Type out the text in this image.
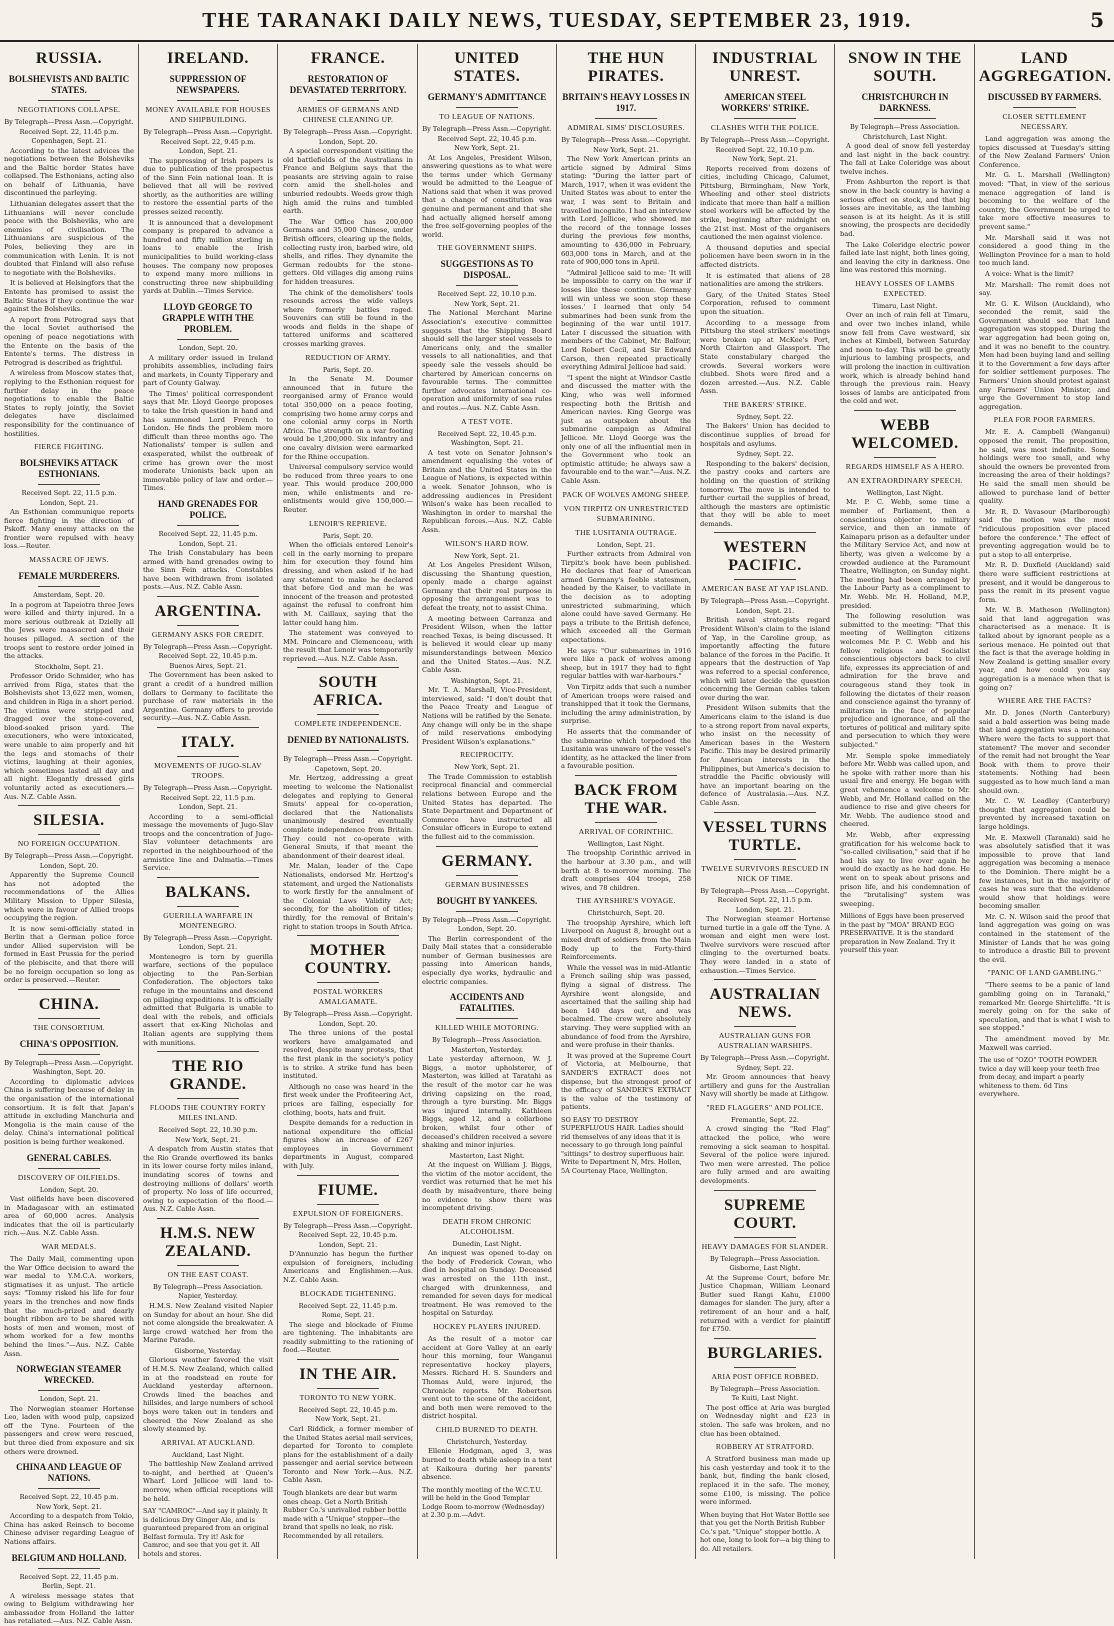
THE TARANAKI DAILY NEWS, TUESDAY, SEPTEMBER 23, 1919.	5
RUSSIA.
BOLSHEVISTS AND BALTIC STATES.
NEGOTIATIONS COLLAPSE.
By Telegraph—Press Assn.—Copyright.
Received Sept. 22, 11.45 p.m.
Copenhagen, Sept. 21.

According to the latest advices the negotiations between the Bolsheviks and the Baltic border States have collapsed. The Esthonians, acting also on behalf of Lithuania, have discontinued the parleying.

Lithuanian delegates assert that the Lithuanians will never conclude peace with the Bolsheviks, who are enemies of civilisation. The Lithuanians are suspicious of the Poles, believing they are in communication with Lenin. It is not doubted that Finland will also refuse to negotiate with the Bolsheviks.

It is believed at Helsingfors that the Entente has promised to assist the Baltic States if they continue the war against the Bolsheviks.

A report from Petrograd says that the local Soviet authorised the opening of peace negotiations with the Entente on the basis of the Entente's terms. The distress in Petrograd is described as frightful.

A wireless from Moscow states that, replying to the Esthonian request for further delay in the peace negotiations to enable the Baltic States to reply jointly, the Soviet delegates have disclaimed responsibility for the continuance of hostilities.

FIERCE FIGHTING.
BOLSHEVIKS ATTACK ESTHONIANS.
Received Sept. 22, 11.5 p.m.
London, Sept. 21.

An Esthonian communique reports fierce fighting in the direction of Pskoff. Many enemy attacks on the frontier were repulsed with heavy loss.—Reuter.

MASSACRE OF JEWS.
FEMALE MURDERERS.
Amsterdam, Sept. 20.

In a pogrom at Tapeiotra three Jews were killed and thirty injured. In a more serious outbreak at Dzielly all the Jews were massacred and their houses pillaged. A section of the troops sent to restore order joined in the attacks.

Stockholm, Sept. 21.

Professor Orido Schmider, who has arrived from Riga, states that the Bolshevists shot 13,622 men, women, and children in Riga in a short period. The victims were stripped and dragged over the stone-covered, blood-soaked prison yard. The executioners, who were intoxicated, were unable to aim properly and hit the legs and stomachs of their victims, laughing at their agonies, which sometimes lasted all day and all night. Elegantly dressed girls voluntarily acted as executioners.—Aus. N.Z. Cable Assn.

SILESIA.
NO FOREIGN OCCUPATION.
By Telegraph—Press Assn.—Copyright.
London, Sept. 20.

Apparently the Supreme Council has not adopted the recommendations of the Allies Military Mission to Upper Silesia, which were in favour of Allied troops occupying the region.

It is now semi-officially stated in Berlin that a German police force under Allied supervision will be formed in East Prussia for the period of the plebiscite, and that there will be no foreign occupation so long as order is preserved.—Reuter.

CHINA.
THE CONSORTIUM.
CHINA'S OPPOSITION.
By Telegraph—Press Assn.—Copyright.
Washington, Sept. 20.

According to diplomatic advices China is suffering because of delay in the organisation of the international consortium. It is felt that Japan's attitude in excluding Manchuria and Mongolia is the main cause of the delay. China's international political position is being further weakened.

GENERAL CABLES.
DISCOVERY OF OILFIELDS.
London, Sept. 20.

Vast oilfields have been discovered in Madagascar with an estimated area of 60,000 acres. Analysis indicates that the oil is particularly rich.—Aus. N.Z. Cable Assn.

WAR MEDALS.

The Daily Mail, commenting upon the War Office decision to award the war medal to Y.M.C.A. workers, stigmatises it as unjust. The article says: "Tommy risked his life for four years in the trenches and now finds that the much-prized and dearly bought ribbon are to be shared with hosts of men and women, most of whom worked for a few months behind the lines."—Aus. N.Z. Cable Assn.

NORWEGIAN STEAMER WRECKED.
London, Sept. 21.

The Norwegian steamer Hortense Leo, laden with wood pulp, capsized off the Tyne. Fourteen of the passengers and crew were rescued, but three died from exposure and six others were drowned.

CHINA AND LEAGUE OF NATIONS.
Received Sept. 22, 10.45 p.m.
New York, Sept. 21.

According to a despatch from Tokio, China has asked Reinsch to become Chinese adviser regarding League of Nations affairs.

BELGIUM AND HOLLAND.
Received Sept. 22, 11.45 p.m.
Berlin, Sept. 21.

A wireless message states that owing to Belgium withdrawing her ambassador from Holland the latter has retaliated.—Aus. N.Z. Cable Assn.

IRELAND.
SUPPRESSION OF NEWSPAPERS.
MONEY AVAILABLE FOR HOUSES AND SHIPBUILDING.
By Telegraph—Press Assn.—Copyright.
Received Sept. 22, 9.45 p.m.
London, Sept. 21.

The suppressing of Irish papers is due to publication of the prospectus of the Sinn Fein national loan. It is believed that all will be revived shortly, as the authorities are willing to restore the essential parts of the presses seized recently.

It is announced that a development company is prepared to advance a hundred and fifty million sterling in loans to enable the Irish municipalities to build working-class houses. The company now proposes to expend many more millions in constructing three new shipbuilding yards at Dublin.—Times Service.

LLOYD GEORGE TO GRAPPLE WITH THE PROBLEM.
London, Sept. 20.

A military order issued in Ireland prohibits assemblies, including fairs and markets, in County Tipperary and part of County Galway.

The Times' political correspondent says that Mr. Lloyd George proposes to take the Irish question in hand and has summoned Lord French to London. He finds the problem more difficult than three months ago. The Nationalists' temper is sullen and exasperated, whilst the outbreak of crime has grown over the most moderate Unionists back upon an immovable policy of law and order.—Times.

HAND GRENADES FOR POLICE.
Received Sept. 22, 11.45 p.m.
London, Sept. 21.

The Irish Constabulary has been armed with hand grenades owing to the Sinn Fein attacks. Constables have been withdrawn from isolated posts.—Aus. N.Z. Cable Assn.

ARGENTINA.
GERMANY ASKS FOR CREDIT.
By Telegraph—Press Assn.—Copyright.
Received Sept. 22, 10.45 p.m.
Buenos Aires, Sept. 21.

The Government has been asked to grant a credit of a hundred million dollars to Germany to facilitate the purchase of raw materials in the Argentine. Germany offers to provide security.—Aus. N.Z. Cable Assn.

ITALY.
MOVEMENTS OF JUGO-SLAV TROOPS.
By Telegraph—Press Assn.—Copyright.
Received Sept. 22, 11.5 p.m.
London, Sept. 21.

According to a semi-official message the movements of Jugo-Slav troops and the concentration of Jugo-Slav volunteer detachments are reported in the neighbourhood of the armistice line and Dalmatia.—Times Service.

BALKANS.
GUERILLA WARFARE IN MONTENEGRO.
By Telegraph—Press Assn.—Copyright.
London, Sept. 21.

Montenegro is torn by guerilla warfare, sections of the populace objecting to the Pan-Serbian Confederation. The objectors take refuge in the mountains and descend on pillaging expeditions. It is officially admitted that Bulgaria is unable to deal with the rebels, and officials assert that ex-King Nicholas and Italian agents are supplying them with munitions.

THE RIO GRANDE.
FLOODS THE COUNTRY FORTY MILES INLAND.
Received Sept. 22, 10.30 p.m.
New York, Sept. 21.

A despatch from Austin states that the Rio Grande overflowed its banks in its lower course forty miles inland, inundating scores of towns and destroying millions of dollars' worth of property. No loss of life occurred, owing to expectation of the flood.—Aus. N.Z. Cable Assn.

H.M.S. NEW ZEALAND.
ON THE EAST COAST.
By Telegraph—Press Association.
Napier, Yesterday.

H.M.S. New Zealand visited Napier on Sunday for about an hour. She did not come alongside the breakwater. A large crowd watched her from the Marine Parade.

Gisborne, Yesterday.

Glorious weather favored the visit of H.M.S. New Zealand, which called in at the roadstead en route for Auckland yesterday afternoon. Crowds lined the beaches and hillsides, and large numbers of school boys were taken out in tenders and cheered the New Zealand as she slowly steamed by.

ARRIVAL AT AUCKLAND.
Auckland, Last Night.

The battleship New Zealand arrived to-night, and berthed at Queen's Wharf. Lord Jellicoe will land to-morrow, when official receptions will be held.

SAY "CAMROC"—And say it plainly. It is delicious Dry Ginger Ale, and is guaranteed prepared from an original Belfast formula. Try it! Ask for Camroc, and see that you get it. All hotels and stores.
FRANCE.
RESTORATION OF DEVASTATED TERRITORY.
ARMIES OF GERMANS AND CHINESE CLEANING UP.
By Telegraph—Press Assn.—Copyright.
London, Sept. 20.

A special correspondent visiting the old battlefields of the Australians in France and Belgium says that the peasants are striving again to raise corn amid the shell-holes and unburied redoubts. Weeds grow thigh high amid the ruins and tumbled earth.

The War Office has 200,000 Germans and 35,000 Chinese, under British officers, clearing up the fields, collecting rusty iron, barbed wire, old shells, and rifles. They dynamite the German redoubts for the stone-getters. Old villages dig among ruins for hidden treasures.

The chink of the demolishers' tools resounds across the wide valleys where formerly battles raged. Souvenirs can still be found in the woods and fields in the shape of tattered uniforms and scattered crosses marking graves.

REDUCTION OF ARMY.
Paris, Sept. 20.

In the Senate M. Doumer announced that in future the reorganised army of France would total 350,000 on a peace footing, comprising two home army corps and one colonial army corps in North Africa. The strength on a war footing would be 1,200,000. Six infantry and one cavalry division were earmarked for the Rhine occupation.

Universal compulsory service would be reduced from three years to one year. This would produce 200,000 men, while enlistments and re-enlistments would give 150,000.—Reuter.

LENOIR'S REPRIEVE.
Paris, Sept. 20.

When the officials entered Lenoir's cell in the early morning to prepare him for execution they found him dressing, and when asked if he had any statement to make he declared that before God and man he was innocent of the treason and protested against the refusal to confront him with M. Caillaux, saying that the latter could hang him.

The statement was conveyed to MM. Poincare and Clemenceau, with the result that Lenoir was temporarily reprieved.—Aus. N.Z. Cable Assn.

SOUTH AFRICA.
COMPLETE INDEPENDENCE.
DENIED BY NATIONALISTS.
By Telegraph—Press Assn.—Copyright.
Capetown, Sept. 20.

Mr. Hertzog, addressing a great meeting to welcome the Nationalist delegates and replying to General Smuts' appeal for co-operation, declared that the Nationalists unanimously desired eventually complete independence from Britain. They could not co-operate with General Smuts, if that meant the abandonment of their dearest ideal.

Mr. Malan, leader of the Cape Nationalists, endorsed Mr. Hertzog's statement, and urged the Nationalists to work firstly for the annulment of the Colonial Laws Validity Act; secondly, for the abolition of titles; thirdly, for the removal of Britain's right to station troops in South Africa.

MOTHER COUNTRY.
POSTAL WORKERS AMALGAMATE.
By Telegraph—Press Assn.—Copyright.
London, Sept. 20.

The three unions of the postal workers have amalgamated and resolved, despite many protests, that the first plank in the society's policy is to strike. A strike fund has been instituted.

Although no case was heard in the first week under the Profiteering Act, prices are falling, especially for clothing, boots, hats and fruit.

Despite demands for a reduction in national expenditure the official figures show an increase of £267 employees in Government departments in August, compared with July.

FIUME.
EXPULSION OF FOREIGNERS.
By Telegraph—Press Assn.—Copyright.
Received Sept. 22, 10.45 p.m.
London, Sept. 21.

D'Annunzio has begun the further expulsion of foreigners, including Americans and Englishmen.—Aus. N.Z. Cable Assn.

BLOCKADE TIGHTENING.
Received Sept. 22, 11.45 p.m.
Rome, Sept. 21.

The siege and blockade of Fiume are tightening. The inhabitants are readily submitting to the rationing of food.—Reuter.

IN THE AIR.
TORONTO TO NEW YORK.
Received Sept. 22, 10.45 p.m.
New York, Sept. 21.

Carl Riddick, a former member of the United States aerial mail services, departed for Toronto to complete plans for the establishment of a daily passenger and aerial service between Toronto and New York.—Aus. N.Z. Cable Assn.

Tough blankets are dear but warm ones cheap. Get a North British Rubber Co.'s unrivalled rubber bottle made with a "Unique" stopper—the brand that spells no leak, no risk. Recommended by all retailers.
UNITED STATES.
GERMANY'S ADMITTANCE
TO LEAGUE OF NATIONS.
By Telegraph—Press Assn.—Copyright.
Received Sept. 22, 10.45 p.m.
New York, Sept. 21.

At Los Angeles, President Wilson, answering questions as to what were the terms under which Germany would be admitted to the League of Nations said that when it was proved that a change of constitution was genuine and permanent and that she had actually aligned herself among the free self-governing peoples of the world.

THE GOVERNMENT SHIPS.
SUGGESTIONS AS TO DISPOSAL.
Received Sept. 22, 10.10 p.m.
New York, Sept. 21.

The National Merchant Marine Association's executive committee suggests that the Shipping Board should sell the larger steel vessels to Americans only, and the smaller vessels to all nationalities, and that speedy sale the vessels should be chartered by American concerns on favourable terms. The committee further advocates international co-operation and uniformity of sea rules and routes.—Aus. N.Z. Cable Assn.

A TEST VOTE.
Received Sept. 22, 10.45 p.m.
Washington, Sept. 21.

A test vote on Senator Johnson's amendment equalising the votes of Britain and the United States in the League of Nations, is expected within a week. Senator Johnson, who is addressing audiences in President Wilson's wake has been recalled to Washington in order to marshal the Republican forces.—Aus. N.Z. Cable Assn.

WILSON'S HARD ROW.
New York, Sept. 21.

At Los Angeles President Wilson, discussing the Shantung question, openly made a charge against Germany that their real purpose in opposing the arrangement was to defeat the treaty, not to assist China.

A meeting between Carranza and President Wilson, when the latter reached Texas, is being discussed. It is believed it would clear up many misunderstandings between Mexico and the United States.—Aus. N.Z. Cable Assn.

Washington, Sept. 21.

Mr. T. A. Marshall, Vice-President, interviewed, said: "I don't doubt that the Peace Treaty and League of Nations will be ratified by the Senate. Any change will only be in the shape of mild reservations embodying President Wilson's explanations."

RECIPROCITY.
New York, Sept. 21.

The Trade Commission to establish reciprocal financial and commercial relations between Europe and the United States has departed. The State Department and Department of Commerce have instructed all Consular officers in Europe to extend the fullest aid to the commission.

GERMANY.
GERMAN BUSINESSES
BOUGHT BY YANKEES.
By Telegraph—Press Assn.—Copyright.
London, Sept. 20.

The Berlin correspondent of the Daily Mail states that a considerable number of German businesses are passing into American hands, especially dye works, hydraulic and electric companies.

ACCIDENTS AND FATALITIES.
KILLED WHILE MOTORING.
By Telegraph—Press Association.
Masterton, Yesterday.

Late yesterday afternoon, W. J. Biggs, a motor upholsterer, of Masterton, was killed at Taratahi as the result of the motor car he was driving capsizing on the road, through a tyre bursting. Mr. Biggs was injured internally. Kathleen Biggs, aged 12, and a collarbone broken, whilst four other of deceased's children received a severe shaking and minor injuries.

Masterton, Last Night.

At the inquest on William J. Biggs, the victim of the motor accident, the verdict was returned that he met his death by misadventure, there being no evidence to show there was incompetent driving.

DEATH FROM CHRONIC ALCOHOLISM.
Dunedin, Last Night.

An inquest was opened to-day on the body of Frederick Cowan, who died in hospital on Sunday. Deceased was arrested on the 11th inst., charged with drunkenness, and remanded for seven days for medical treatment. He was removed to the hospital on Saturday.

HOCKEY PLAYERS INJURED.

As the result of a motor car accident at Gore Valley at an early hour this morning, four Wanganui representative hockey players, Messrs. Richard H. S. Saunders and Thomas Auld, were injured, the Chronicle reports. Mr. Robertson went out to the scene of the accident, and both men were removed to the district hospital.

CHILD BURNED TO DEATH.
Christchurch, Yesterday.

Ellenie Hodgman, aged 3, was burned to death while asleep in a tent at Kaikoura during her parents' absence.

The monthly meeting of the W.C.T.U. will be held in the Good Templar Lodge Room to-morrow (Wednesday) at 2.30 p.m.—Advt.
THE HUN PIRATES.
BRITAIN'S HEAVY LOSSES IN 1917.
ADMIRAL SIMS' DISCLOSURES.
By Telegraph—Press Assn.—Copyright.
New York, Sept. 21.

The New York American prints an article signed by Admiral Sims stating: "During the latter part of March, 1917, when it was evident the United States was about to enter the war, I was sent to Britain and travelled incognito. I had an interview with Lord Jellicoe, who showed me the record of the tonnage losses during the previous few months, amounting to 436,000 in February, 603,000 tons in March, and at the rate of 900,000 tons in April.

"Admiral Jellicoe said to me: 'It will be impossible to carry on the war if losses like these continue. Germany will win unless we soon stop these losses.' I learned that only 54 submarines had been sunk from the beginning of the war until 1917. Later I discussed the situation with members of the Cabinet, Mr. Balfour, Lord Robert Cecil, and Sir Edward Carson, then repeated practically everything Admiral Jellicoe had said.

"I spent the night at Windsor Castle and discussed the matter with the King, who was well informed respecting both the British and American navies. King George was just as outspoken about the submarine campaign as Admiral Jellicoe. Mr. Lloyd George was the only one of all the influential men in the Government who took an optimistic attitude; he always saw a favourable end to the war."—Aus. N.Z. Cable Assn.

PACK OF WOLVES AMONG SHEEP.
VON TIRPITZ ON UNRESTRICTED SUBMARINING.
THE LUSITANIA OUTRAGE.
London, Sept. 21.

Further extracts from Admiral von Tirpitz's book have been published. He declares that fear of American armed Germany's feeble statesmen, headed by the Kaiser, to vacillate in the decision as to adopting unrestricted submarining, which alone could have saved Germany. He pays a tribute to the British defence, which exceeded all the German expectations.

He says: "Our submarines in 1916 were like a pack of wolves among sheep, but in 1917 they had to fight regular battles with war-harbours."

Von Tirpitz adds that such a number of American troops were raised and transhipped that it took the Germans, including the army administration, by surprise.

He asserts that the commander of the submarine which torpedoed the Lusitania was unaware of the vessel's identity, as he attacked the liner from a favourable position.

BACK FROM THE WAR.
ARRIVAL OF CORINTHIC.
Wellington, Last Night.

The troopship Corinthic arrived in the harbour at 3.30 p.m., and will berth at 8 to-morrow morning. The draft comprises 404 troops, 258 wives, and 78 children.

THE AYRSHIRE'S VOYAGE.
Christchurch, Sept. 20.

The troopship Ayrshire, which left Liverpool on August 8, brought out a mixed draft of soldiers from the Main Body up to the Forty-third Reinforcements.

While the vessel was in mid-Atlantic a French sailing ship was passed, flying a signal of distress. The Ayrshire went alongside, and ascertained that the sailing ship had been 140 days out, and was becalmed. The crew were absolutely starving. They were supplied with an abundance of food from the Ayrshire, and were profuse in their thanks.

It was proved at the Supreme Court of Victoria, at Melbourne, that SANDER'S EXTRACT does not dispense, but the strongest proof of the efficacy of SANDER'S EXTRACT is the value of the testimony of patients.

SO EASY TO DESTROY SUPERFLUOUS HAIR. Ladies should rid themselves of any ideas that it is necessary to go through long painful "sittings" to destroy superfluous hair. Write to Department N, Mrs. Hollen, 5A Courtenay Place, Wellington.
INDUSTRIAL UNREST.
AMERICAN STEEL WORKERS' STRIKE.
CLASHES WITH THE POLICE.
By Telegraph—Press Assn.—Copyright.
Received Sept. 22, 10.10 p.m.
New York, Sept. 21.

Reports received from dozens of cities, including Chicago, Calumet, Pittsburg, Birmingham, New York, Wheeling and other steel districts indicate that more than half a million steel workers will be affected by the strike, beginning after midnight on the 21st inst. Most of the organisers cautioned the men against violence.

A thousand deputies and special policemen have been sworn in in the affected districts.

It is estimated that aliens of 28 nationalities are among the strikers.

Gary, of the United States Steel Corporation, refused to comment upon the situation.

According to a message from Pittsburg the steel strikers' meetings were broken up at McKee's Port, North Clairton and Glassport. The State constabulary charged the crowds. Several workers were clubbed. Shots were fired and a dozen arrested.—Aus. N.Z. Cable Assn.

THE BAKERS' STRIKE.
Sydney, Sept. 22.

The Bakers' Union has decided to discontinue supplies of bread for hospitals and asylums.

Sydney, Sept. 22.

Responding to the bakers' decision, the pastry cooks and carters are holding on the question of striking tomorrow. The move is intended to further curtail the supplies of bread, although the masters are optimistic that they will be able to meet demands.

WESTERN PACIFIC.
AMERICAN BASE AT YAP ISLAND.
By Telegraph—Press Assn.—Copyright.
London, Sept. 21.

British naval strategists regard President Wilson's claim to the island of Yap, in the Caroline group, as importantly affecting the future balance of the forces in the Pacific. It appears that the destruction of Yap was referred to a special conference, which will later decide the question concerning the German cables taken over during the war.

President Wilson submits that the Americans claim to the island is due to a strong report from naval experts, who insist on the necessity of American bases in the Western Pacific. This may be desired primarily for American interests in the Philippines, but America's decision to straddle the Pacific obviously will have an important bearing on the defence of Australasia.—Aus. N.Z. Cable Assn.

VESSEL TURNS TURTLE.
TWELVE SURVIVORS RESCUED IN NICK OF TIME.
By Telegraph—Press Assn.—Copyright.
Received Sept. 22, 11.5 p.m.
London, Sept. 21.

The Norwegian steamer Hortense turned turtle in a gale off the Tyne. A woman and eight men were lost. Twelve survivors were rescued after clinging to the overturned boats. They were landed in a state of exhaustion.—Times Service.

AUSTRALIAN NEWS.
AUSTRALIAN GUNS FOR AUSTRALIAN WARSHIPS.
By Telegraph—Press Assn.—Copyright.
Sydney, Sept. 22.

Mr. Groom announces that heavy artillery and guns for the Australian Navy will shortly be made at Lithgow.

"RED FLAGGERS" AND POLICE.
Fremantle, Sept. 22.

A crowd singing the "Red Flag" attacked the police, who were removing a sick seaman to hospital. Several of the police were injured. Two men were arrested. The police are fully armed and are awaiting developments.

SUPREME COURT.
HEAVY DAMAGES FOR SLANDER.
By Telegraph—Press Association.
Gisborne, Last Night.

At the Supreme Court, before Mr. Justice Chapman, William Leonard Butler sued Rangi Kahu, £1000 damages for slander. The jury, after a retirement of an hour and a half, returned with a verdict for plaintiff for £750.

BURGLARIES.
ARIA POST OFFICE ROBBED.
By Telegraph—Press Association.
Te Kuiti, Last Night.

The post office at Aria was burgled on Wednesday night and £23 in stolen. The safe was broken, and no clue has been obtained.

ROBBERY AT STRATFORD.

A Stratford business man made up his cash yesterday and took it to the bank, but, finding the bank closed, replaced it in the safe. The money, some £100, is missing. The police were informed.

When buying that Hot Water Bottle see that you get the North British Rubber Co.'s pat. "Unique" stopper bottle. A hot one, long to look for—a big thing to do. All retailers.
SNOW IN THE SOUTH.
CHRISTCHURCH IN DARKNESS.
By Telegraph—Press Association.
Christchurch, Last Night.

A good deal of snow fell yesterday and last night in the back country. The fall at Lake Coleridge was about twelve inches.

From Ashburton the report is that snow in the back country is having a serious effect on stock, and that big losses are inevitable, as the lambing season is at its height. As it is still snowing, the prospects are decidedly bad.

The Lake Coleridge electric power failed late last night, both lines going, and leaving the city in darkness. One line was restored this morning.

HEAVY LOSSES OF LAMBS EXPECTED.
Timaru, Last Night.

Over an inch of rain fell at Timaru, and over two inches inland, while snow fell from Cave westward, six inches at Kimbell, between Saturday and noon to-day. This will be greatly injurious to lambing prospects, and will prolong the inaction in cultivation work, which is already behind hand through the previous rain. Heavy losses of lambs are anticipated from the cold and wet.

WEBB WELCOMED.
REGARDS HIMSELF AS A HERO.
AN EXTRAORDINARY SPEECH.
Wellington, Last Night.

Mr. P. C. Webb, some time a member of Parliament, then a conscientious objector to military service, and then an inmate of Kainaparu prison as a defaulter under the Military Service Act, and now at liberty, was given a welcome by a crowded audience at the Paramount Theatre, Wellington, on Sunday night. The meeting had been arranged by the Labour Party as a compliment to Mr. Webb. Mr. H. Holland, M.P., presided.

The following resolution was submitted to the meeting: "That this meeting of Wellington citizens welcomes Mr. P. C. Webb and his fellow religious and Socialist conscientious objectors back to civil life, expresses its appreciation of and admiration for the brave and courageous stand they took in following the dictates of their reason and conscience against the tyranny of militarism in the face of popular prejudice and ignorance, and all the tortures of political and military spite and persecution to which they were subjected."

Mr. Semple spoke immediately before Mr. Webb was called upon, and he spoke with rather more than his usual fire and energy. He began with great vehemence a welcome to Mr. Webb, and Mr. Holland called on the audience to rise and give cheers for Mr. Webb. The audience stood and cheered.

Mr. Webb, after expressing gratification for his welcome back to "so-called civilisation," said that if he had his say to live over again he would do exactly as he had done. He went on to speak about prisons and prison life, and his condemnation of the "brutalising" system was sweeping.

Millions of Eggs have been preserved in the past by "MOA" BRAND EGG PRESERVATIVE. It is the standard preparation in New Zealand. Try it yourself this year.
LAND AGGREGATION.
DISCUSSED BY FARMERS.
CLOSER SETTLEMENT NECESSARY.

Land aggregation was among the topics discussed at Tuesday's sitting of the New Zealand Farmers' Union Conference.

Mr. G. L. Marshall (Wellington) moved: "That, in view of the serious menace aggregation of land is becoming to the welfare of the country, the Government be urged to take more effective measures to prevent same."

Mr. Marshall said it was not considered a good thing in the Wellington Province for a man to hold too much land.

A voice: What is the limit?

Mr. Marshall: The remit does not say.

Mr. G. K. Wilson (Auckland), who seconded the remit, said the Government should see that land aggregation was stopped. During the war aggregation had been going on, and it was no benefit to the country. Men had been buying land and selling it to the Government a few days after for soldier settlement purposes. The Farmers' Union should protest against any Farmers' Union Minister, and urge the Government to stop land aggregation.

PLEA FOR POOR FARMERS.

Mr. E. A. Campbell (Wanganui) opposed the remit. The proposition, he said, was most indefinite. Some holdings were too small, and why should the owners be prevented from increasing the area of their holdings? He said the small men should be allowed to purchase land of better quality.

Mr. R. D. Vavasour (Marlborough) said the motion was the most "ridiculous proposition ever placed before the conference." The effect of preventing aggregation would be to put a stop to all enterprise.

Mr. R. D. Duxfield (Auckland) said there were sufficient restrictions at present, and it would be dangerous to pass the remit in its present vague form.

Mr. W. B. Matheson (Wellington) said that land aggregation was characterised as a menace. It is talked about by ignorant people as a serious menace. He pointed out that the fact is that the average holding in New Zealand is getting smaller every year, and how could you say aggregation is a menace when that is going on?

WHERE ARE THE FACTS?

Mr. D. Jones (North Canterbury) said a bald assertion was being made that land aggregation was a menace. Where were the facts to support that statement? The mover and seconder of the remit had not brought the Year Book with them to prove their statements. Nothing had been suggested as to how much land a man should own.

Mr. C. W. Leadley (Canterbury) thought that aggregation could be prevented by increased taxation on large holdings.

Mr. E. Maxwell (Taranaki) said he was absolutely satisfied that it was impossible to prove that land aggregation was becoming a menace to the Dominion. There might be a few instances, but in the majority of cases he was sure that the evidence would show that holdings were becoming smaller.

Mr. C. N. Wilson said the proof that land aggregation was going on was contained in the statement of the Minister of Lands that he was going to introduce a drastic Bill to prevent the evil.

"PANIC OF LAND GAMBLING."

"There seems to be a panic of land gambling going on in Taranaki," remarked Mr. George Shirtcliffe. "It is merely going on for the sake of speculation, and that is what I wish to see stopped."

The amendment moved by Mr. Maxwell was carried.

The use of "OZO" TOOTH POWDER twice a day will keep your teeth free from decay, and impart a pearly whiteness to them. 6d Tins everywhere.
